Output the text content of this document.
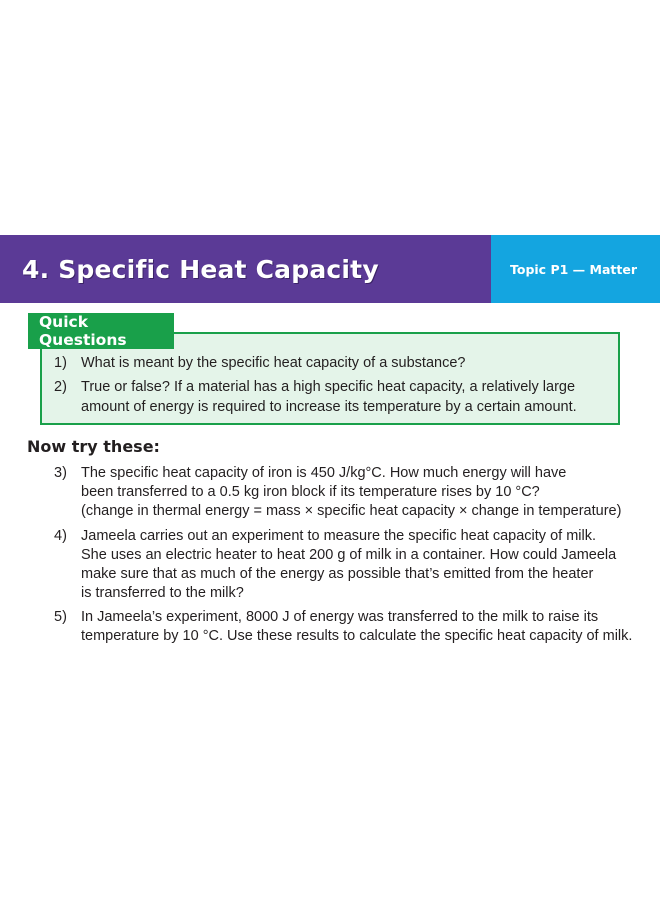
4. Specific Heat Capacity	Topic P1 — Matter
Quick Questions
1) What is meant by the specific heat capacity of a substance?
2) True or false? If a material has a high specific heat capacity, a relatively large
amount of energy is required to increase its temperature by a certain amount.
Now try these:
3) The specific heat capacity of iron is 450 J/kg°C. How much energy will have
been transferred to a 0.5 kg iron block if its temperature rises by 10 °C?
(change in thermal energy = mass × specific heat capacity × change in temperature)
4) Jameela carries out an experiment to measure the specific heat capacity of milk.
She uses an electric heater to heat 200 g of milk in a container. How could Jameela
make sure that as much of the energy as possible that’s emitted from the heater
is transferred to the milk?
5) In Jameela’s experiment, 8000 J of energy was transferred to the milk to raise its
temperature by 10 °C. Use these results to calculate the specific heat capacity of milk.
